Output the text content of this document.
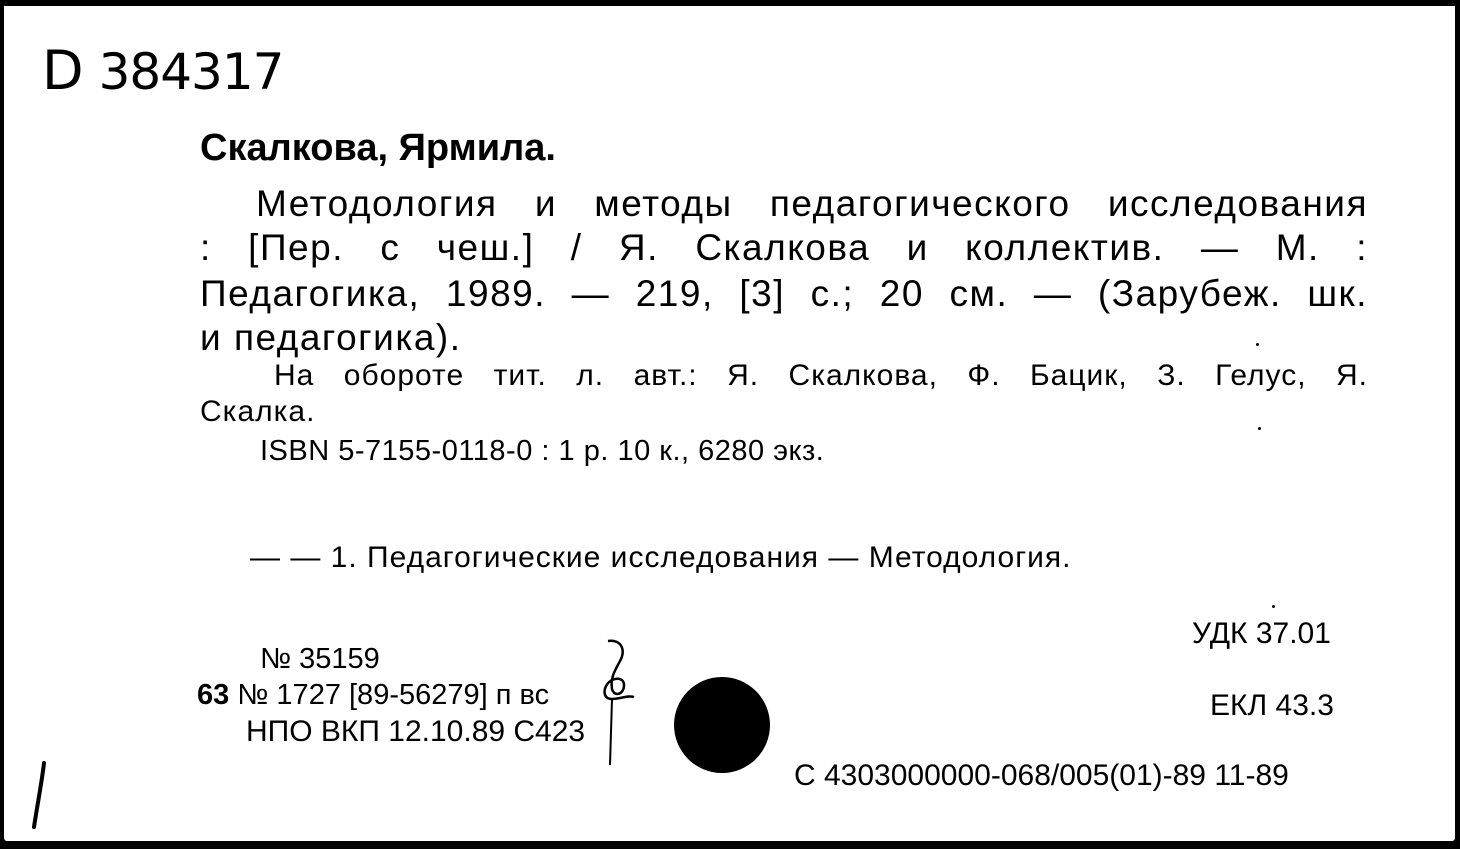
D 384317
Скалкова, Ярмила.
Методология и методы педагогического исследования
: [Пер. с чеш.] / Я. Скалкова и коллектив. — М. :
Педагогика, 1989. — 219, [3] с.; 20 см. — (Зарубеж. шк.
и педагогика).
На обороте тит. л. авт.: Я. Скалкова, Ф. Бацик, З. Гелус, Я.
Скалка.
ISBN 5-7155-0118-0 : 1 р. 10 к., 6280 экз.
— — 1. Педагогические исследования — Методология.
№ 35159
63 № 1727 [89-56279] п вс
НПО ВКП 12.10.89 С423
УДК 37.01
ЕКЛ 43.3
С 4303000000-068/005(01)-89 11-89
